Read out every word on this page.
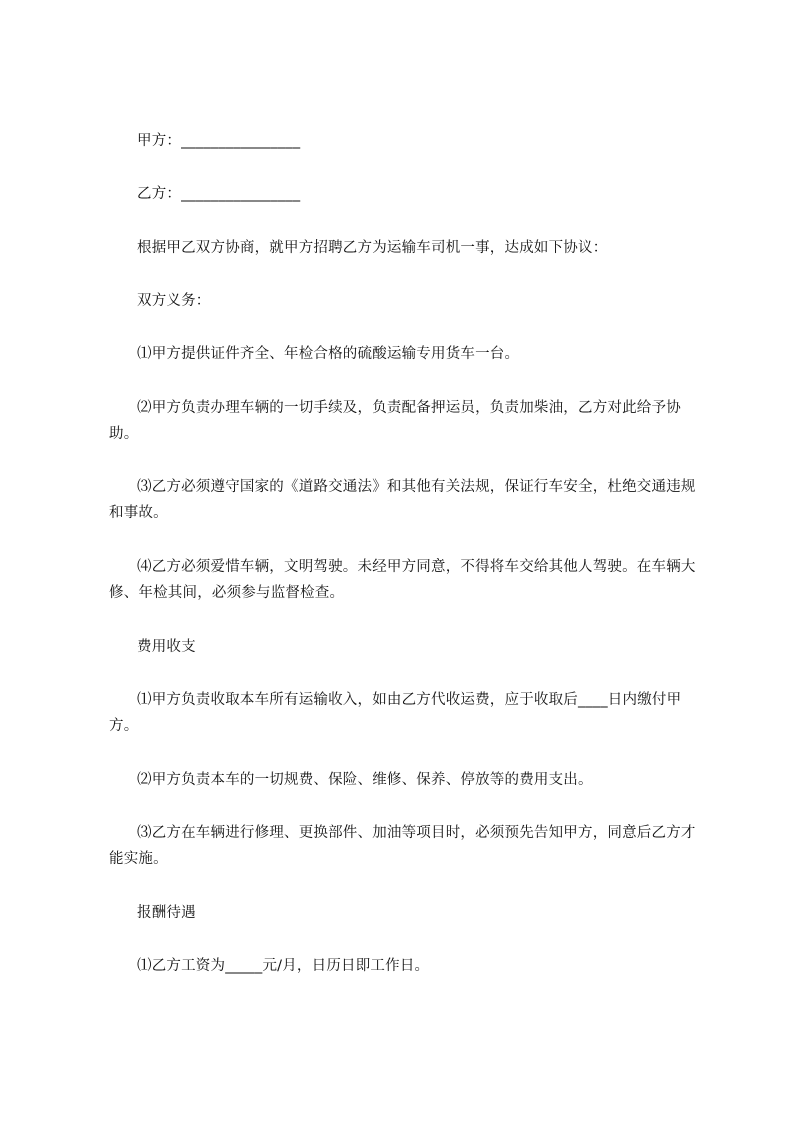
甲方：________________

乙方：________________

根据甲乙双方协商，就甲方招聘乙方为运输车司机一事，达成如下协议：

双方义务：

⑴甲方提供证件齐全、年检合格的硫酸运输专用货车一台。

⑵甲方负责办理车辆的一切手续及，负责配备押运员，负责加柴油，乙方对此给予协助。

⑶乙方必须遵守国家的《道路交通法》和其他有关法规，保证行车安全，杜绝交通违规和事故。

⑷乙方必须爱惜车辆，文明驾驶。未经甲方同意，不得将车交给其他人驾驶。在车辆大修、年检其间，必须参与监督检查。

费用收支

⑴甲方负责收取本车所有运输收入，如由乙方代收运费，应于收取后____日内缴付甲方。

⑵甲方负责本车的一切规费、保险、维修、保养、停放等的费用支出。

⑶乙方在车辆进行修理、更换部件、加油等项目时，必须预先告知甲方，同意后乙方才能实施。

报酬待遇

⑴乙方工资为_____元/月，日历日即工作日。
